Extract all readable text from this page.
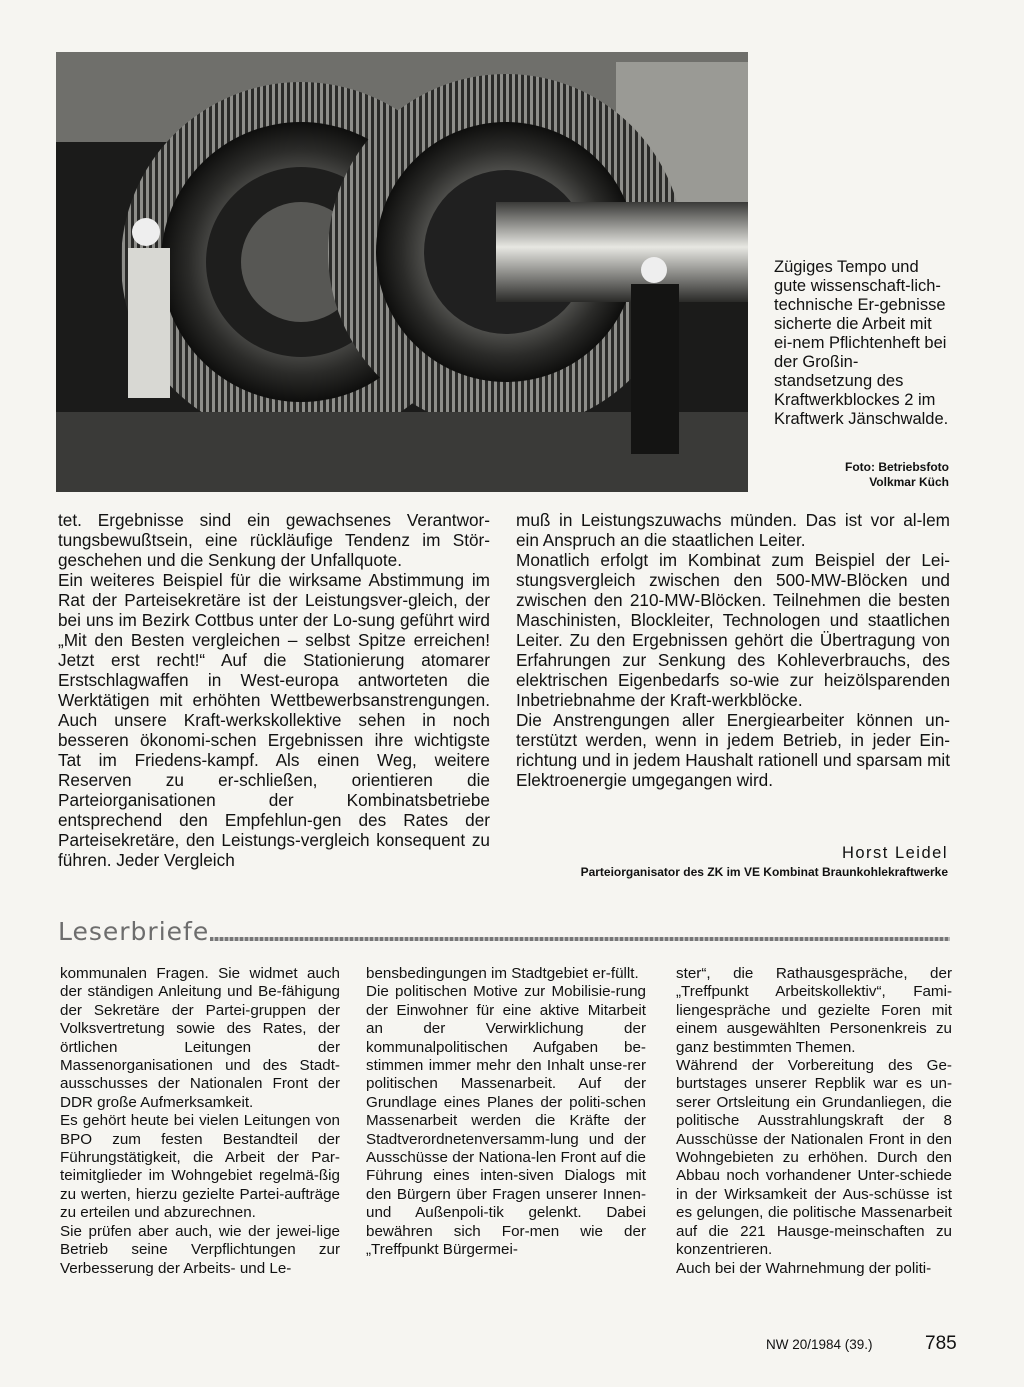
Zügiges Tempo und gute wissenschaft-lich-technische Er-gebnisse sicherte die Arbeit mit ei-nem Pflichtenheft bei der Großin-standsetzung des Kraftwerkblockes 2 im Kraftwerk Jänschwalde.
Foto: Betriebsfoto
Volkmar Küch

tet. Ergebnisse sind ein gewachsenes Verantwor-tungsbewußtsein, eine rückläufige Tendenz im Stör-geschehen und die Senkung der Unfallquote.

Ein weiteres Beispiel für die wirksame Abstimmung im Rat der Parteisekretäre ist der Leistungsver-gleich, der bei uns im Bezirk Cottbus unter der Lo-sung geführt wird „Mit den Besten vergleichen – selbst Spitze erreichen! Jetzt erst recht!“ Auf die Stationierung atomarer Erstschlagwaffen in West-europa antworteten die Werktätigen mit erhöhten Wettbewerbsanstrengungen. Auch unsere Kraft-werkskollektive sehen in noch besseren ökonomi-schen Ergebnissen ihre wichtigste Tat im Friedens-kampf. Als einen Weg, weitere Reserven zu er-schließen, orientieren die Parteiorganisationen der Kombinatsbetriebe entsprechend den Empfehlun-gen des Rates der Parteisekretäre, den Leistungs-vergleich konsequent zu führen. Jeder Vergleich

muß in Leistungszuwachs münden. Das ist vor al-lem ein Anspruch an die staatlichen Leiter.

Monatlich erfolgt im Kombinat zum Beispiel der Lei-stungsvergleich zwischen den 500-MW-Blöcken und zwischen den 210-MW-Blöcken. Teilnehmen die besten Maschinisten, Blockleiter, Technologen und staatlichen Leiter. Zu den Ergebnissen gehört die Übertragung von Erfahrungen zur Senkung des Kohleverbrauchs, des elektrischen Eigenbedarfs so-wie zur heizölsparenden Inbetriebnahme der Kraft-werkblöcke.

Die Anstrengungen aller Energiearbeiter können un-terstützt werden, wenn in jedem Betrieb, in jeder Ein-richtung und in jedem Haushalt rationell und sparsam mit Elektroenergie umgegangen wird.

Horst Leidel
Parteiorganisator des ZK im VE Kombinat Braunkohlekraftwerke
Leserbriefe

kommunalen Fragen. Sie widmet auch der ständigen Anleitung und Be-fähigung der Sekretäre der Partei-gruppen der Volksvertretung sowie des Rates, der örtlichen Leitungen der Massenorganisationen und des Stadt-ausschusses der Nationalen Front der DDR große Aufmerksamkeit.

Es gehört heute bei vielen Leitungen von BPO zum festen Bestandteil der Führungstätigkeit, die Arbeit der Par-teimitglieder im Wohngebiet regelmä-ßig zu werten, hierzu gezielte Partei-aufträge zu erteilen und abzurechnen.

Sie prüfen aber auch, wie der jewei-lige Betrieb seine Verpflichtungen zur Verbesserung der Arbeits- und Le-

bensbedingungen im Stadtgebiet er-füllt.

Die politischen Motive zur Mobilisie-rung der Einwohner für eine aktive Mitarbeit an der Verwirklichung der kommunalpolitischen Aufgaben be-stimmen immer mehr den Inhalt unse-rer politischen Massenarbeit. Auf der Grundlage eines Planes der politi-schen Massenarbeit werden die Kräfte der Stadtverordnetenversamm-lung und der Ausschüsse der Nationa-len Front auf die Führung eines inten-siven Dialogs mit den Bürgern über Fragen unserer Innen- und Außenpoli-tik gelenkt. Dabei bewähren sich For-men wie der „Treffpunkt Bürgermei-

ster“, die Rathausgespräche, der „Treffpunkt Arbeitskollektiv“, Fami-liengespräche und gezielte Foren mit einem ausgewählten Personenkreis zu ganz bestimmten Themen.

Während der Vorbereitung des Ge-burtstages unserer Repblik war es un-serer Ortsleitung ein Grundanliegen, die politische Ausstrahlungskraft der 8 Ausschüsse der Nationalen Front in den Wohngebieten zu erhöhen. Durch den Abbau noch vorhandener Unter-schiede in der Wirksamkeit der Aus-schüsse ist es gelungen, die politische Massenarbeit auf die 221 Hausge-meinschaften zu konzentrieren.

Auch bei der Wahrnehmung der politi-

NW 20/1984 (39.)	785
